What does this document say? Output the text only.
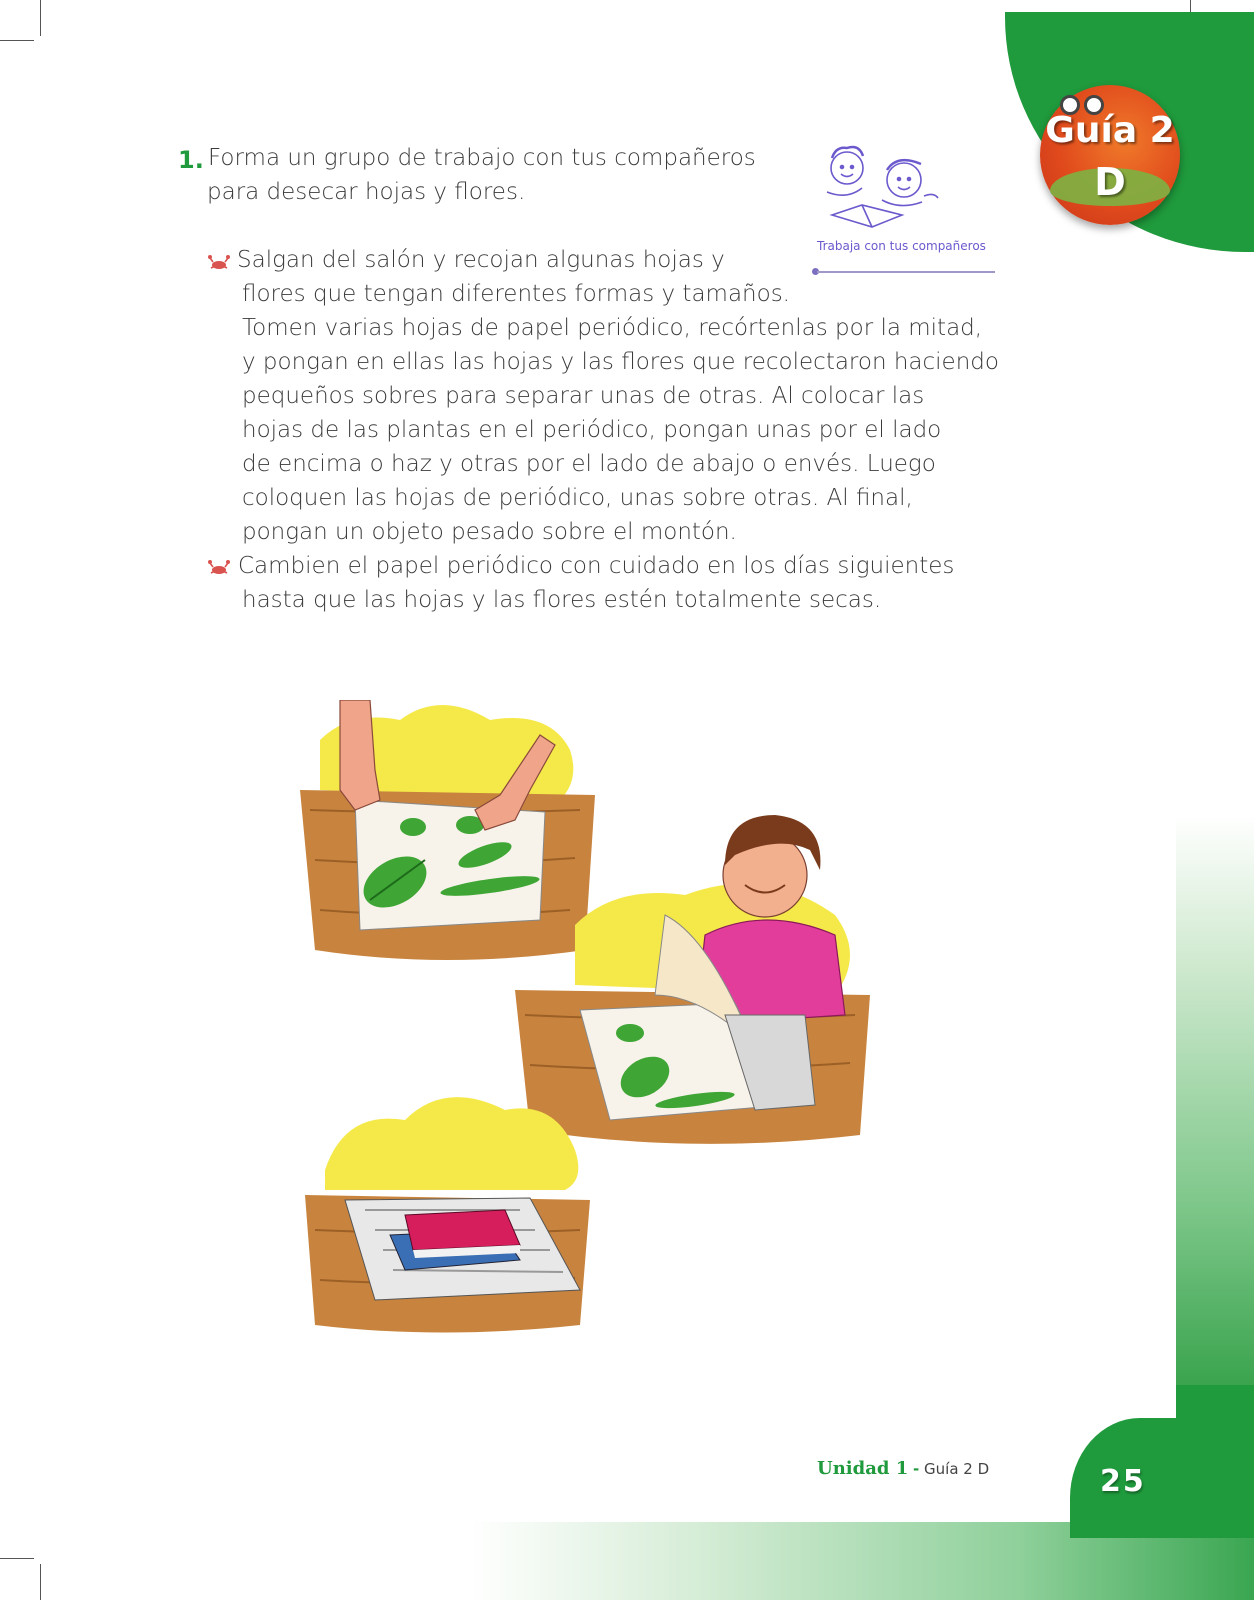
Guía 2
D
1. Forma un grupo de trabajo con tus compañeros
para desecar hojas y flores.
Trabaja con tus compañeros
Salgan del salón y recojan algunas hojas y
flores que tengan diferentes formas y tamaños.
Tomen varias hojas de papel periódico, recórtenlas por la mitad,
y pongan en ellas las hojas y las flores que recolectaron haciendo
pequeños sobres para separar unas de otras. Al colocar las
hojas de las plantas en el periódico, pongan unas por el lado
de encima o haz y otras por el lado de abajo o envés. Luego
coloquen las hojas de periódico, unas sobre otras. Al final,
pongan un objeto pesado sobre el montón.
Cambien el papel periódico con cuidado en los días siguientes
hasta que las hojas y las flores estén totalmente secas.
25
Unidad 1 - Guía 2 D
